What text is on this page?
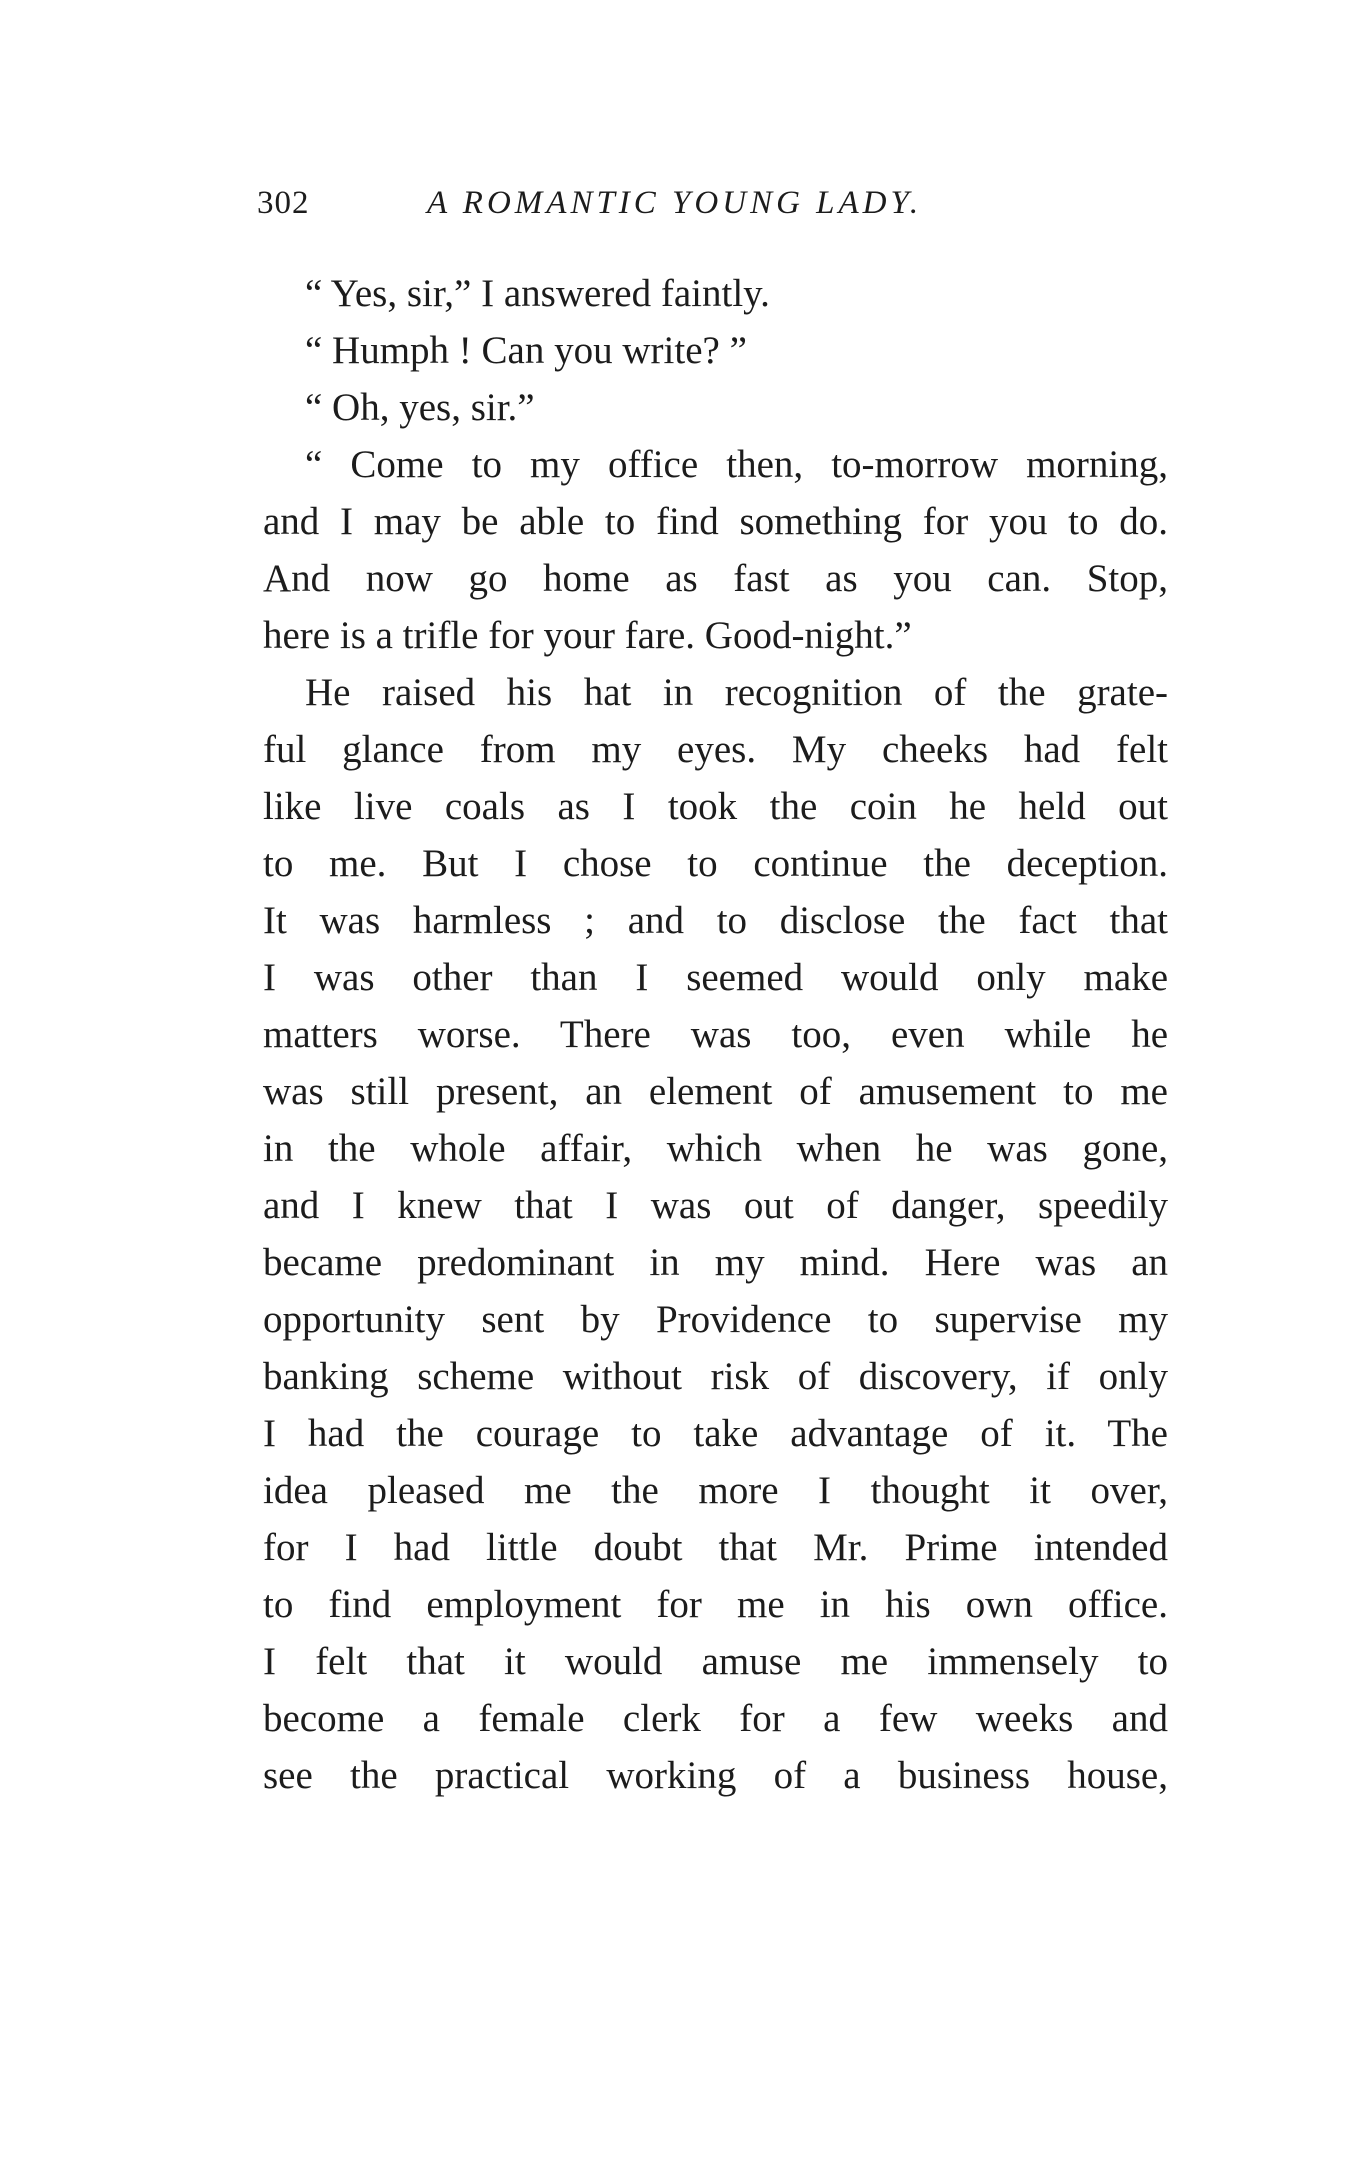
302	A ROMANTIC YOUNG LADY.
“ Yes, sir,” I answered faintly.
“ Humph ! Can you write? ”
“ Oh, yes, sir.”
“ Come to my office then, to-morrow morning,
and I may be able to find something for you to do.
And now go home as fast as you can. Stop,
here is a trifle for your fare. Good-night.”
He raised his hat in recognition of the grate-
ful glance from my eyes. My cheeks had felt
like live coals as I took the coin he held out
to me. But I chose to continue the deception.
It was harmless ; and to disclose the fact that
I was other than I seemed would only make
matters worse. There was too, even while he
was still present, an element of amusement to me
in the whole affair, which when he was gone,
and I knew that I was out of danger, speedily
became predominant in my mind. Here was an
opportunity sent by Providence to supervise my
banking scheme without risk of discovery, if only
I had the courage to take advantage of it. The
idea pleased me the more I thought it over,
for I had little doubt that Mr. Prime intended
to find employment for me in his own office.
I felt that it would amuse me immensely to
become a female clerk for a few weeks and
see the practical working of a business house,
